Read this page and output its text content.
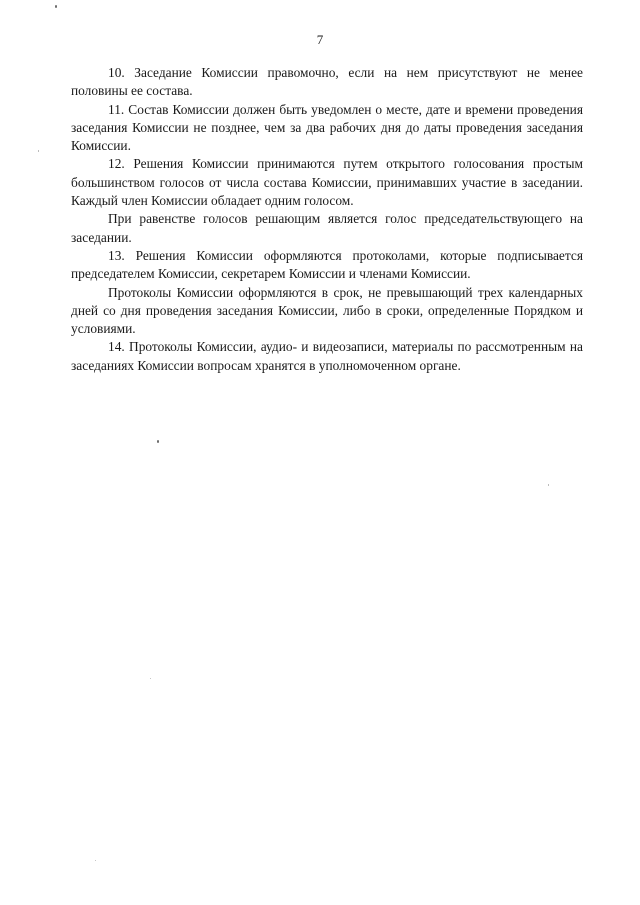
7

10. Заседание Комиссии правомочно, если на нем присутствуют не менее половины ее состава.

11. Состав Комиссии должен быть уведомлен о месте, дате и времени проведения заседания Комиссии не позднее, чем за два рабочих дня до даты проведения заседания Комиссии.

12. Решения Комиссии принимаются путем открытого голосования простым большинством голосов от числа состава Комиссии, принимавших участие в заседании. Каждый член Комиссии обладает одним голосом.

При равенстве голосов решающим является голос председательствующего на заседании.

13. Решения Комиссии оформляются протоколами, которые подписывается председателем Комиссии, секретарем Комиссии и членами Комиссии.

Протоколы Комиссии оформляются в срок, не превышающий трех календарных дней со дня проведения заседания Комиссии, либо в сроки, определенные Порядком и условиями.

14. Протоколы Комиссии, аудио- и видеозаписи, материалы по рассмотренным на заседаниях Комиссии вопросам хранятся в уполномоченном органе.
